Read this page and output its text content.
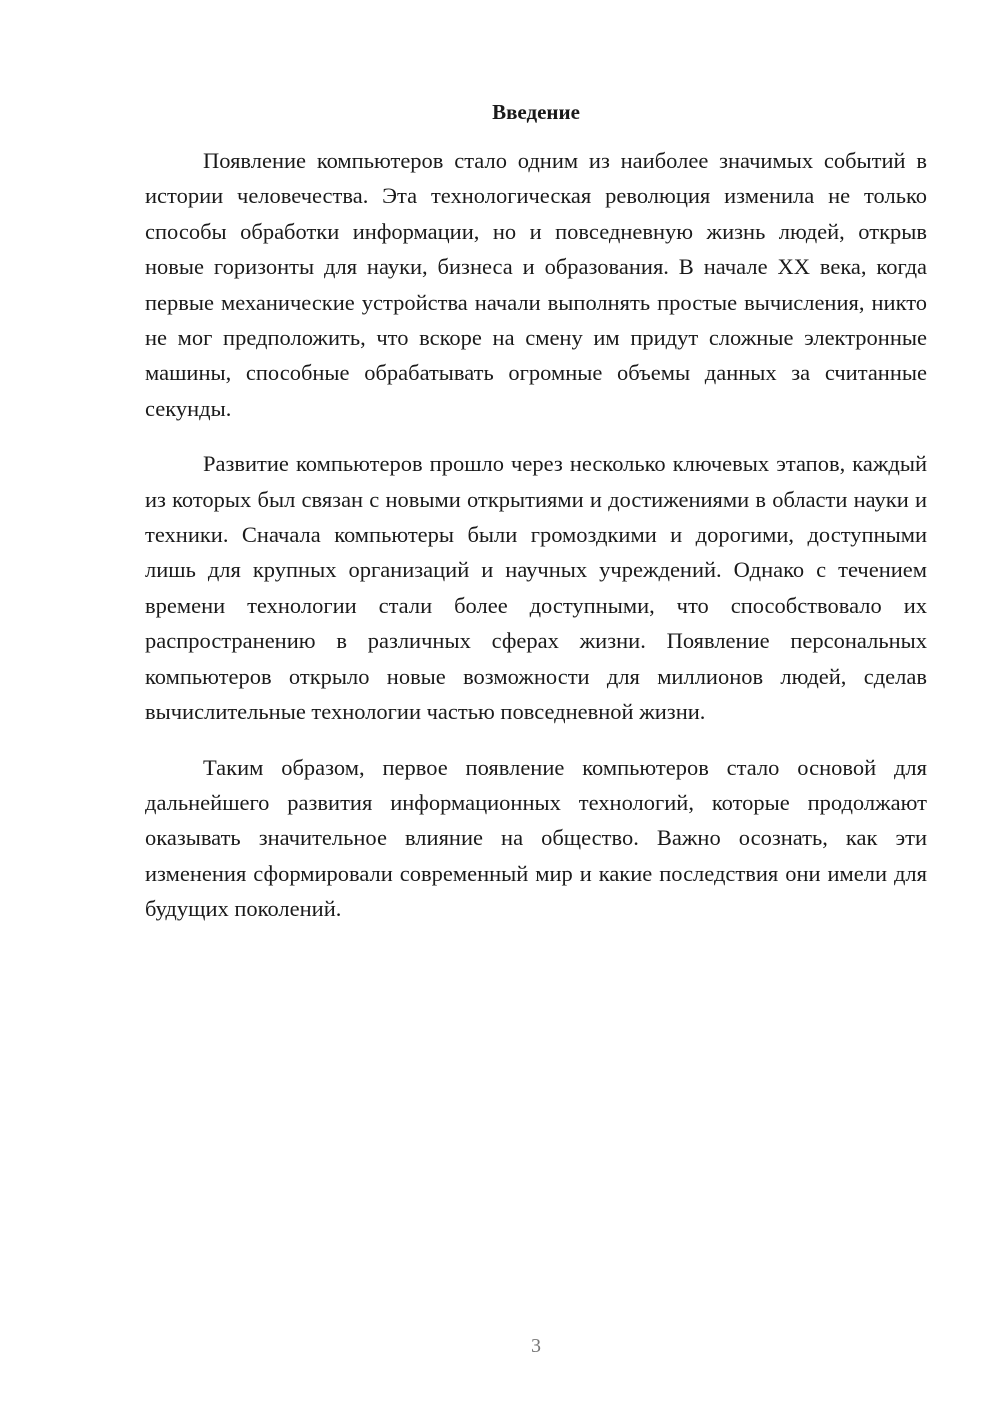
Введение

Появление компьютеров стало одним из наиболее значимых событий в истории человечества. Эта технологическая революция изменила не только способы обработки информации, но и повседневную жизнь людей, открыв новые горизонты для науки, бизнеса и образования. В начале XX века, когда первые механические устройства начали выполнять простые вычисления, никто не мог предположить, что вскоре на смену им придут сложные электронные машины, способные обрабатывать огромные объемы данных за считанные секунды.

Развитие компьютеров прошло через несколько ключевых этапов, каждый из которых был связан с новыми открытиями и достижениями в области науки и техники. Сначала компьютеры были громоздкими и дорогими, доступными лишь для крупных организаций и научных учреждений. Однако с течением времени технологии стали более доступными, что способствовало их распространению в различных сферах жизни. Появление персональных компьютеров открыло новые возможности для миллионов людей, сделав вычислительные технологии частью повседневной жизни.

Таким образом, первое появление компьютеров стало основой для дальнейшего развития информационных технологий, которые продолжают оказывать значительное влияние на общество. Важно осознать, как эти изменения сформировали современный мир и какие последствия они имели для будущих поколений.

3
